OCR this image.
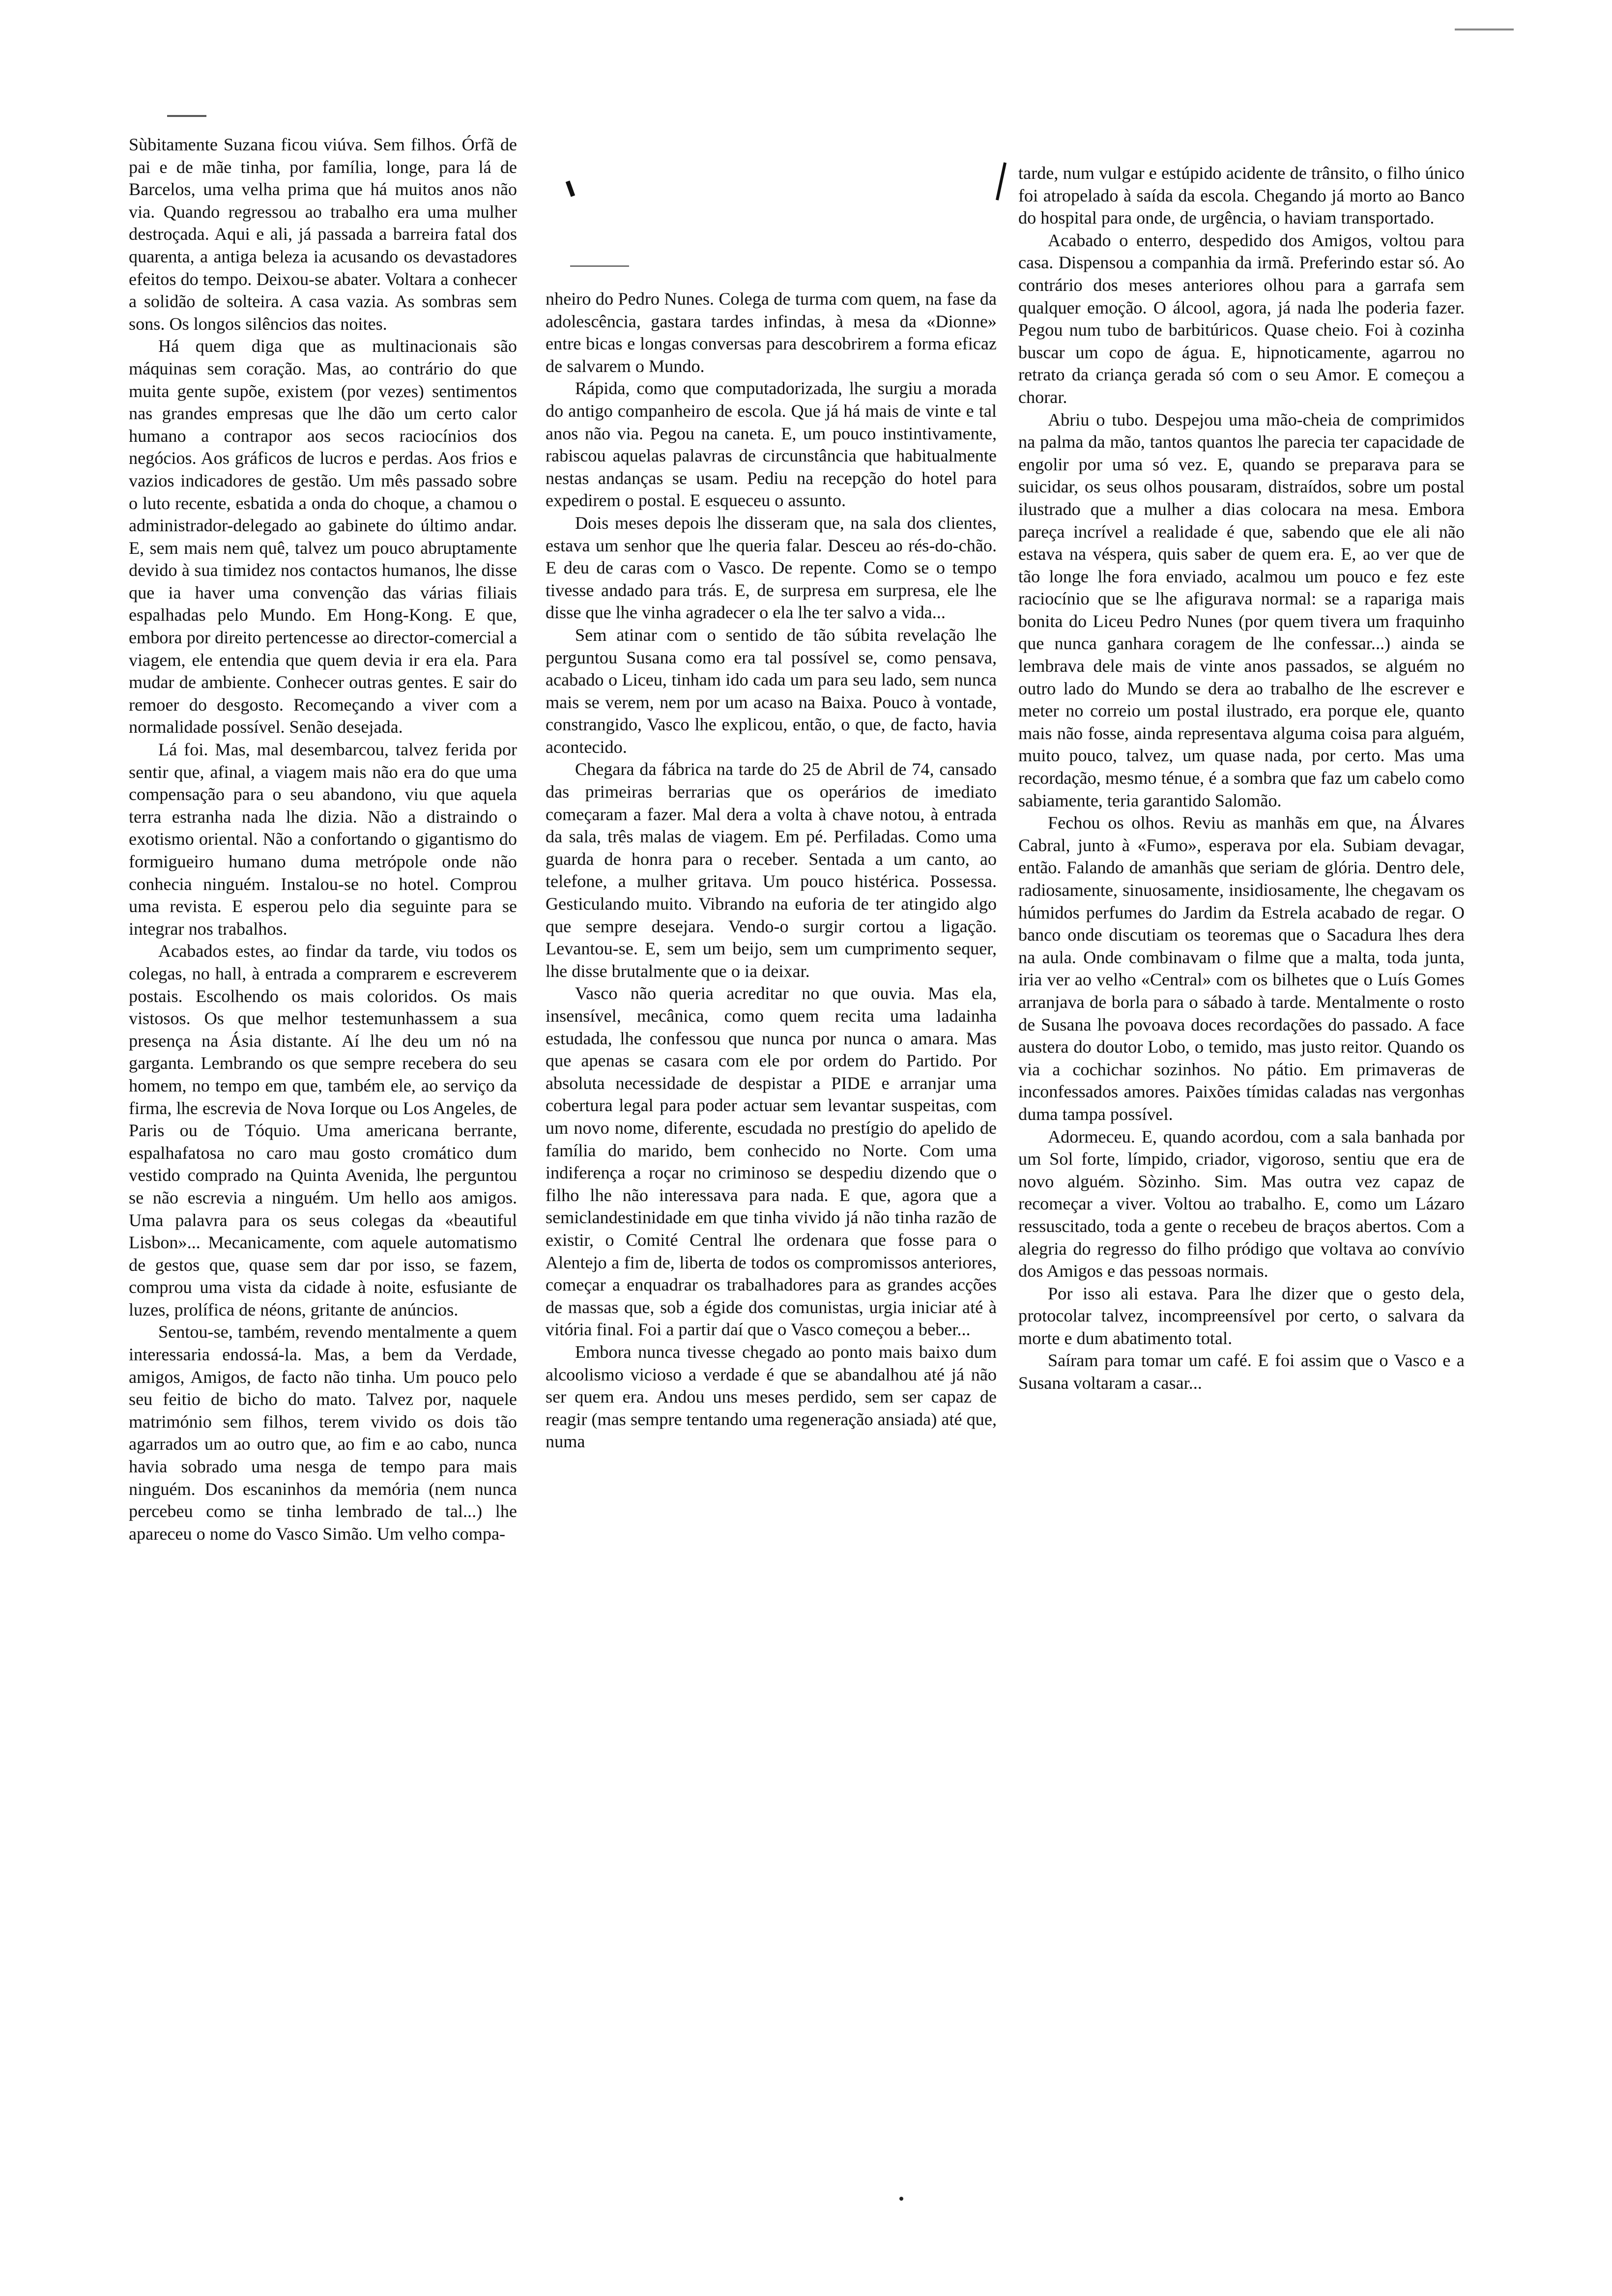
Sùbitamente Suzana ficou viúva. Sem filhos. Órfã de pai e de mãe tinha, por família, longe, para lá de Barcelos, uma velha prima que há muitos anos não via. Quando regressou ao trabalho era uma mulher destroçada. Aqui e ali, já passada a barreira fatal dos quarenta, a antiga beleza ia acusando os devastadores efeitos do tempo. Deixou-se abater. Voltara a conhecer a solidão de solteira. A casa vazia. As sombras sem sons. Os longos silêncios das noites.

Há quem diga que as multinacionais são máquinas sem coração. Mas, ao contrário do que muita gente supõe, existem (por vezes) sentimentos nas grandes empresas que lhe dão um certo calor humano a contrapor aos secos raciocínios dos negócios. Aos gráficos de lucros e perdas. Aos frios e vazios indicadores de gestão. Um mês passado sobre o luto recente, esbatida a onda do choque, a chamou o administrador-delegado ao gabinete do último andar. E, sem mais nem quê, talvez um pouco abruptamente devido à sua timidez nos contactos humanos, lhe disse que ia haver uma convenção das várias filiais espalhadas pelo Mundo. Em Hong-Kong. E que, embora por direito pertencesse ao director-comercial a viagem, ele entendia que quem devia ir era ela. Para mudar de ambiente. Conhecer outras gentes. E sair do remoer do desgosto. Recomeçando a viver com a normalidade possível. Senão desejada.

Lá foi. Mas, mal desembarcou, talvez ferida por sentir que, afinal, a viagem mais não era do que uma compensação para o seu abandono, viu que aquela terra estranha nada lhe dizia. Não a distraindo o exotismo oriental. Não a confortando o gigantismo do formigueiro humano duma metrópole onde não conhecia ninguém. Instalou-se no hotel. Comprou uma revista. E esperou pelo dia seguinte para se integrar nos trabalhos.

Acabados estes, ao findar da tarde, viu todos os colegas, no hall, à entrada a comprarem e escreverem postais. Escolhendo os mais coloridos. Os mais vistosos. Os que melhor testemunhassem a sua presença na Ásia distante. Aí lhe deu um nó na garganta. Lembrando os que sempre recebera do seu homem, no tempo em que, também ele, ao serviço da firma, lhe escrevia de Nova Iorque ou Los Angeles, de Paris ou de Tóquio. Uma americana berrante, espalhafatosa no caro mau gosto cromático dum vestido comprado na Quinta Avenida, lhe perguntou se não escrevia a ninguém. Um hello aos amigos. Uma palavra para os seus colegas da «beautiful Lisbon»... Mecanicamente, com aquele automatismo de gestos que, quase sem dar por isso, se fazem, comprou uma vista da cidade à noite, esfusiante de luzes, prolífica de néons, gritante de anúncios.

Sentou-se, também, revendo mentalmente a quem interessaria endossá-la. Mas, a bem da Verdade, amigos, Amigos, de facto não tinha. Um pouco pelo seu feitio de bicho do mato. Talvez por, naquele matrimónio sem filhos, terem vivido os dois tão agarrados um ao outro que, ao fim e ao cabo, nunca havia sobrado uma nesga de tempo para mais ninguém. Dos escaninhos da memória (nem nunca percebeu como se tinha lembrado de tal...) lhe apareceu o nome do Vasco Simão. Um velho compa-

nheiro do Pedro Nunes. Colega de turma com quem, na fase da adolescência, gastara tardes infindas, à mesa da «Dionne» entre bicas e longas conversas para descobrirem a forma eficaz de salvarem o Mundo.

Rápida, como que computadorizada, lhe surgiu a morada do antigo companheiro de escola. Que já há mais de vinte e tal anos não via. Pegou na caneta. E, um pouco instintivamente, rabiscou aquelas palavras de circunstância que habitualmente nestas andanças se usam. Pediu na recepção do hotel para expedirem o postal. E esqueceu o assunto.

Dois meses depois lhe disseram que, na sala dos clientes, estava um senhor que lhe queria falar. Desceu ao rés-do-chão. E deu de caras com o Vasco. De repente. Como se o tempo tivesse andado para trás. E, de surpresa em surpresa, ele lhe disse que lhe vinha agradecer o ela lhe ter salvo a vida...

Sem atinar com o sentido de tão súbita revelação lhe perguntou Susana como era tal possível se, como pensava, acabado o Liceu, tinham ido cada um para seu lado, sem nunca mais se verem, nem por um acaso na Baixa. Pouco à vontade, constrangido, Vasco lhe explicou, então, o que, de facto, havia acontecido.

Chegara da fábrica na tarde do 25 de Abril de 74, cansado das primeiras berrarias que os operários de imediato começaram a fazer. Mal dera a volta à chave notou, à entrada da sala, três malas de viagem. Em pé. Perfiladas. Como uma guarda de honra para o receber. Sentada a um canto, ao telefone, a mulher gritava. Um pouco histérica. Possessa. Gesticulando muito. Vibrando na euforia de ter atingido algo que sempre desejara. Vendo-o surgir cortou a ligação. Levantou-se. E, sem um beijo, sem um cumprimento sequer, lhe disse brutalmente que o ia deixar.

Vasco não queria acreditar no que ouvia. Mas ela, insensível, mecânica, como quem recita uma ladainha estudada, lhe confessou que nunca por nunca o amara. Mas que apenas se casara com ele por ordem do Partido. Por absoluta necessidade de despistar a PIDE e arranjar uma cobertura legal para poder actuar sem levantar suspeitas, com um novo nome, diferente, escudada no prestígio do apelido de família do marido, bem conhecido no Norte. Com uma indiferença a roçar no criminoso se despediu dizendo que o filho lhe não interessava para nada. E que, agora que a semiclandestinidade em que tinha vivido já não tinha razão de existir, o Comité Central lhe ordenara que fosse para o Alentejo a fim de, liberta de todos os compromissos anteriores, começar a enquadrar os trabalhadores para as grandes acções de massas que, sob a égide dos comunistas, urgia iniciar até à vitória final. Foi a partir daí que o Vasco começou a beber...

Embora nunca tivesse chegado ao ponto mais baixo dum alcoolismo vicioso a verdade é que se abandalhou até já não ser quem era. Andou uns meses perdido, sem ser capaz de reagir (mas sempre tentando uma regeneração ansiada) até que, numa

tarde, num vulgar e estúpido acidente de trânsito, o filho único foi atropelado à saída da escola. Chegando já morto ao Banco do hospital para onde, de urgência, o haviam transportado.

Acabado o enterro, despedido dos Amigos, voltou para casa. Dispensou a companhia da irmã. Preferindo estar só. Ao contrário dos meses anteriores olhou para a garrafa sem qualquer emoção. O álcool, agora, já nada lhe poderia fazer. Pegou num tubo de barbitúricos. Quase cheio. Foi à cozinha buscar um copo de água. E, hipnoticamente, agarrou no retrato da criança gerada só com o seu Amor. E começou a chorar.

Abriu o tubo. Despejou uma mão-cheia de comprimidos na palma da mão, tantos quantos lhe parecia ter capacidade de engolir por uma só vez. E, quando se preparava para se suicidar, os seus olhos pousaram, distraídos, sobre um postal ilustrado que a mulher a dias colocara na mesa. Embora pareça incrível a realidade é que, sabendo que ele ali não estava na véspera, quis saber de quem era. E, ao ver que de tão longe lhe fora enviado, acalmou um pouco e fez este raciocínio que se lhe afigurava normal: se a rapariga mais bonita do Liceu Pedro Nunes (por quem tivera um fraquinho que nunca ganhara coragem de lhe confessar...) ainda se lembrava dele mais de vinte anos passados, se alguém no outro lado do Mundo se dera ao trabalho de lhe escrever e meter no correio um postal ilustrado, era porque ele, quanto mais não fosse, ainda representava alguma coisa para alguém, muito pouco, talvez, um quase nada, por certo. Mas uma recordação, mesmo ténue, é a sombra que faz um cabelo como sabiamente, teria garantido Salomão.

Fechou os olhos. Reviu as manhãs em que, na Álvares Cabral, junto à «Fumo», esperava por ela. Subiam devagar, então. Falando de amanhãs que seriam de glória. Dentro dele, radiosamente, sinuosamente, insidiosamente, lhe chegavam os húmidos perfumes do Jardim da Estrela acabado de regar. O banco onde discutiam os teoremas que o Sacadura lhes dera na aula. Onde combinavam o filme que a malta, toda junta, iria ver ao velho «Central» com os bilhetes que o Luís Gomes arranjava de borla para o sábado à tarde. Mentalmente o rosto de Susana lhe povoava doces recordações do passado. A face austera do doutor Lobo, o temido, mas justo reitor. Quando os via a cochichar sozinhos. No pátio. Em primaveras de inconfessados amores. Paixões tímidas caladas nas vergonhas duma tampa possível.

Adormeceu. E, quando acordou, com a sala banhada por um Sol forte, límpido, criador, vigoroso, sentiu que era de novo alguém. Sòzinho. Sim. Mas outra vez capaz de recomeçar a viver. Voltou ao trabalho. E, como um Lázaro ressuscitado, toda a gente o recebeu de braços abertos. Com a alegria do regresso do filho pródigo que voltava ao convívio dos Amigos e das pessoas normais.

Por isso ali estava. Para lhe dizer que o gesto dela, protocolar talvez, incompreensível por certo, o salvara da morte e dum abatimento total.

Saíram para tomar um café. E foi assim que o Vasco e a Susana voltaram a casar...
